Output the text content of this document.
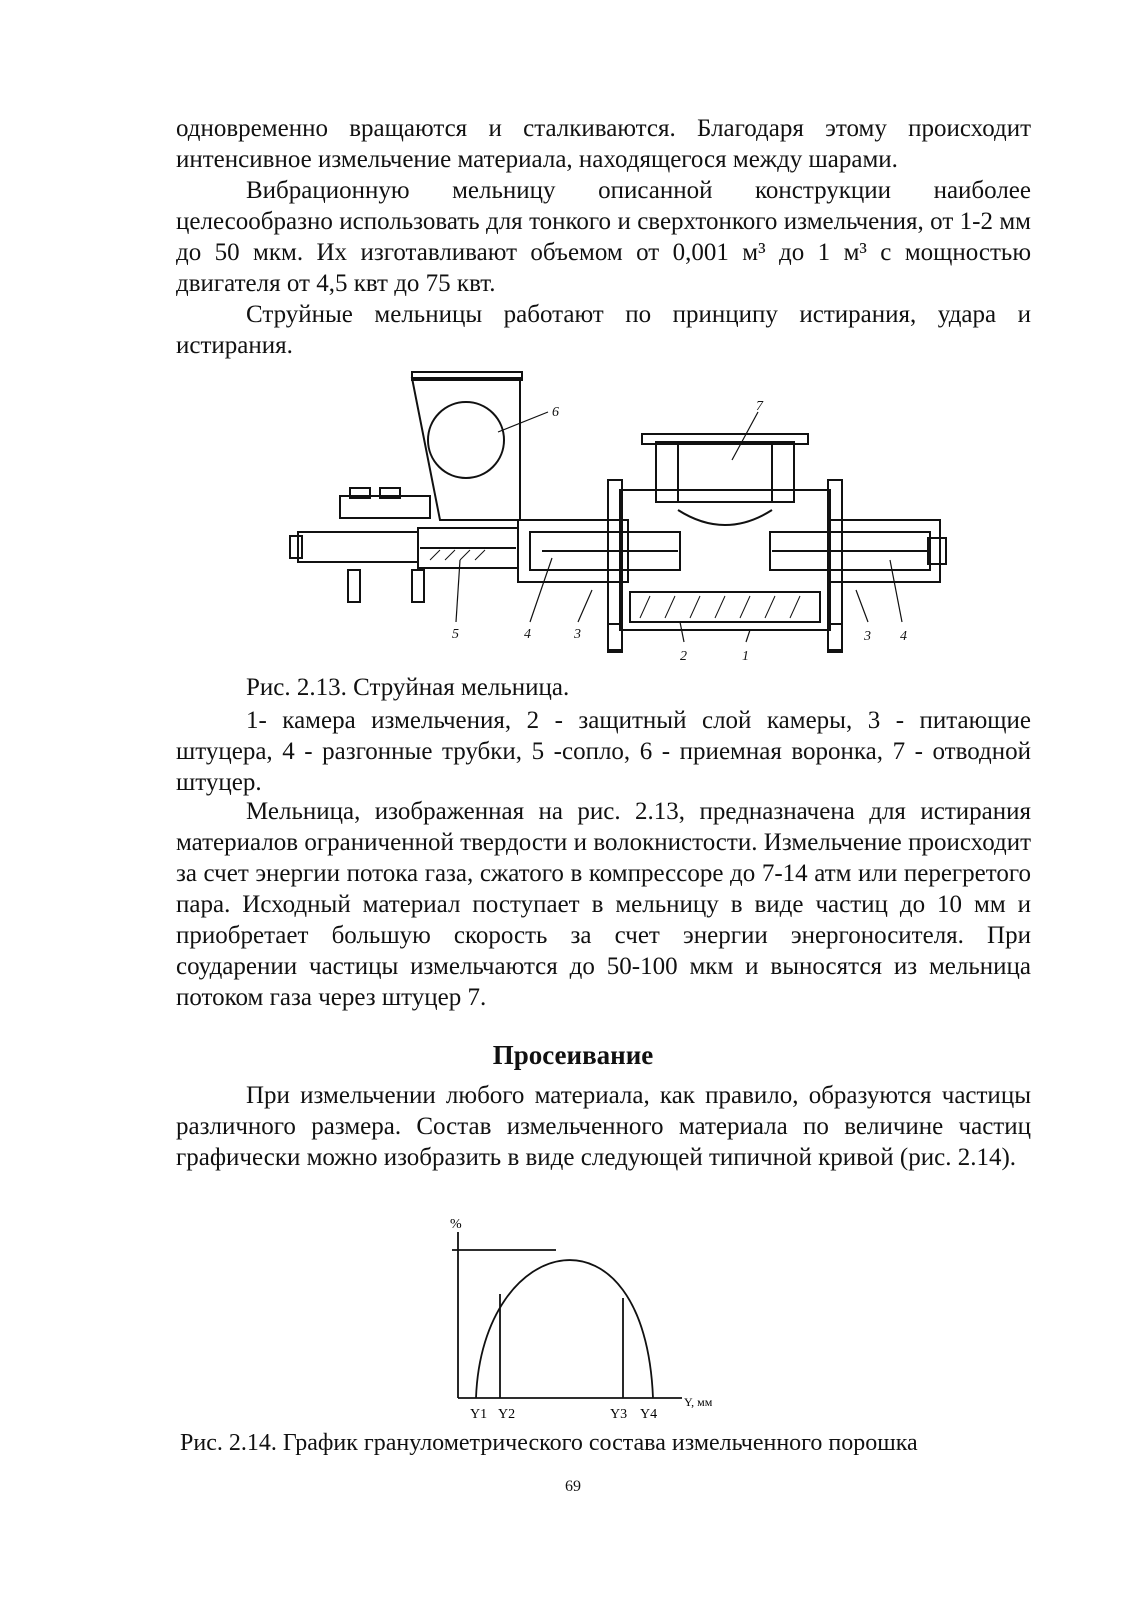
одновременно вращаются и сталкиваются. Благодаря этому происходит интенсивное измельчение материала, находящегося между шарами.

Вибрационную мельницу описанной конструкции наиболее целесообразно использовать для тонкого и сверхтонкого измельчения, от 1-2 мм до 50 мкм. Их изготавливают объемом от 0,001 м³ до 1 м³ с мощностью двигателя от 4,5 квт до 75 квт.

Струйные мельницы работают по принципу истирания, удара и истирания.

6	7
5	4	3
2	1
3 4

Рис. 2.13. Струйная мельница.

1- камера измельчения, 2 - защитный слой камеры, 3 - питающие штуцера, 4 - разгонные трубки, 5 -сопло, 6 - приемная воронка, 7 - отводной штуцер.

Мельница, изображенная на рис. 2.13, предназначена для истирания материалов ограниченной твердости и волокнистости. Измельчение происходит за счет энергии потока газа, сжатого в компрессоре до 7-14 атм или перегретого пара. Исходный материал поступает в мельницу в виде частиц до 10 мм и приобретает большую скорость за счет энергии энергоносителя. При соударении частицы измельчаются до 50-100 мкм и выносятся из мельница потоком газа через штуцер 7.

Просеивание

При измельчении любого материала, как правило, образуются частицы различного размера. Состав измельченного материала по величине частиц графически можно изобразить в виде следующей типичной кривой (рис. 2.14).

%
Y, мм
Y1 Y2	Y3 Y4

Рис. 2.14. График гранулометрического состава измельченного порошка

69
